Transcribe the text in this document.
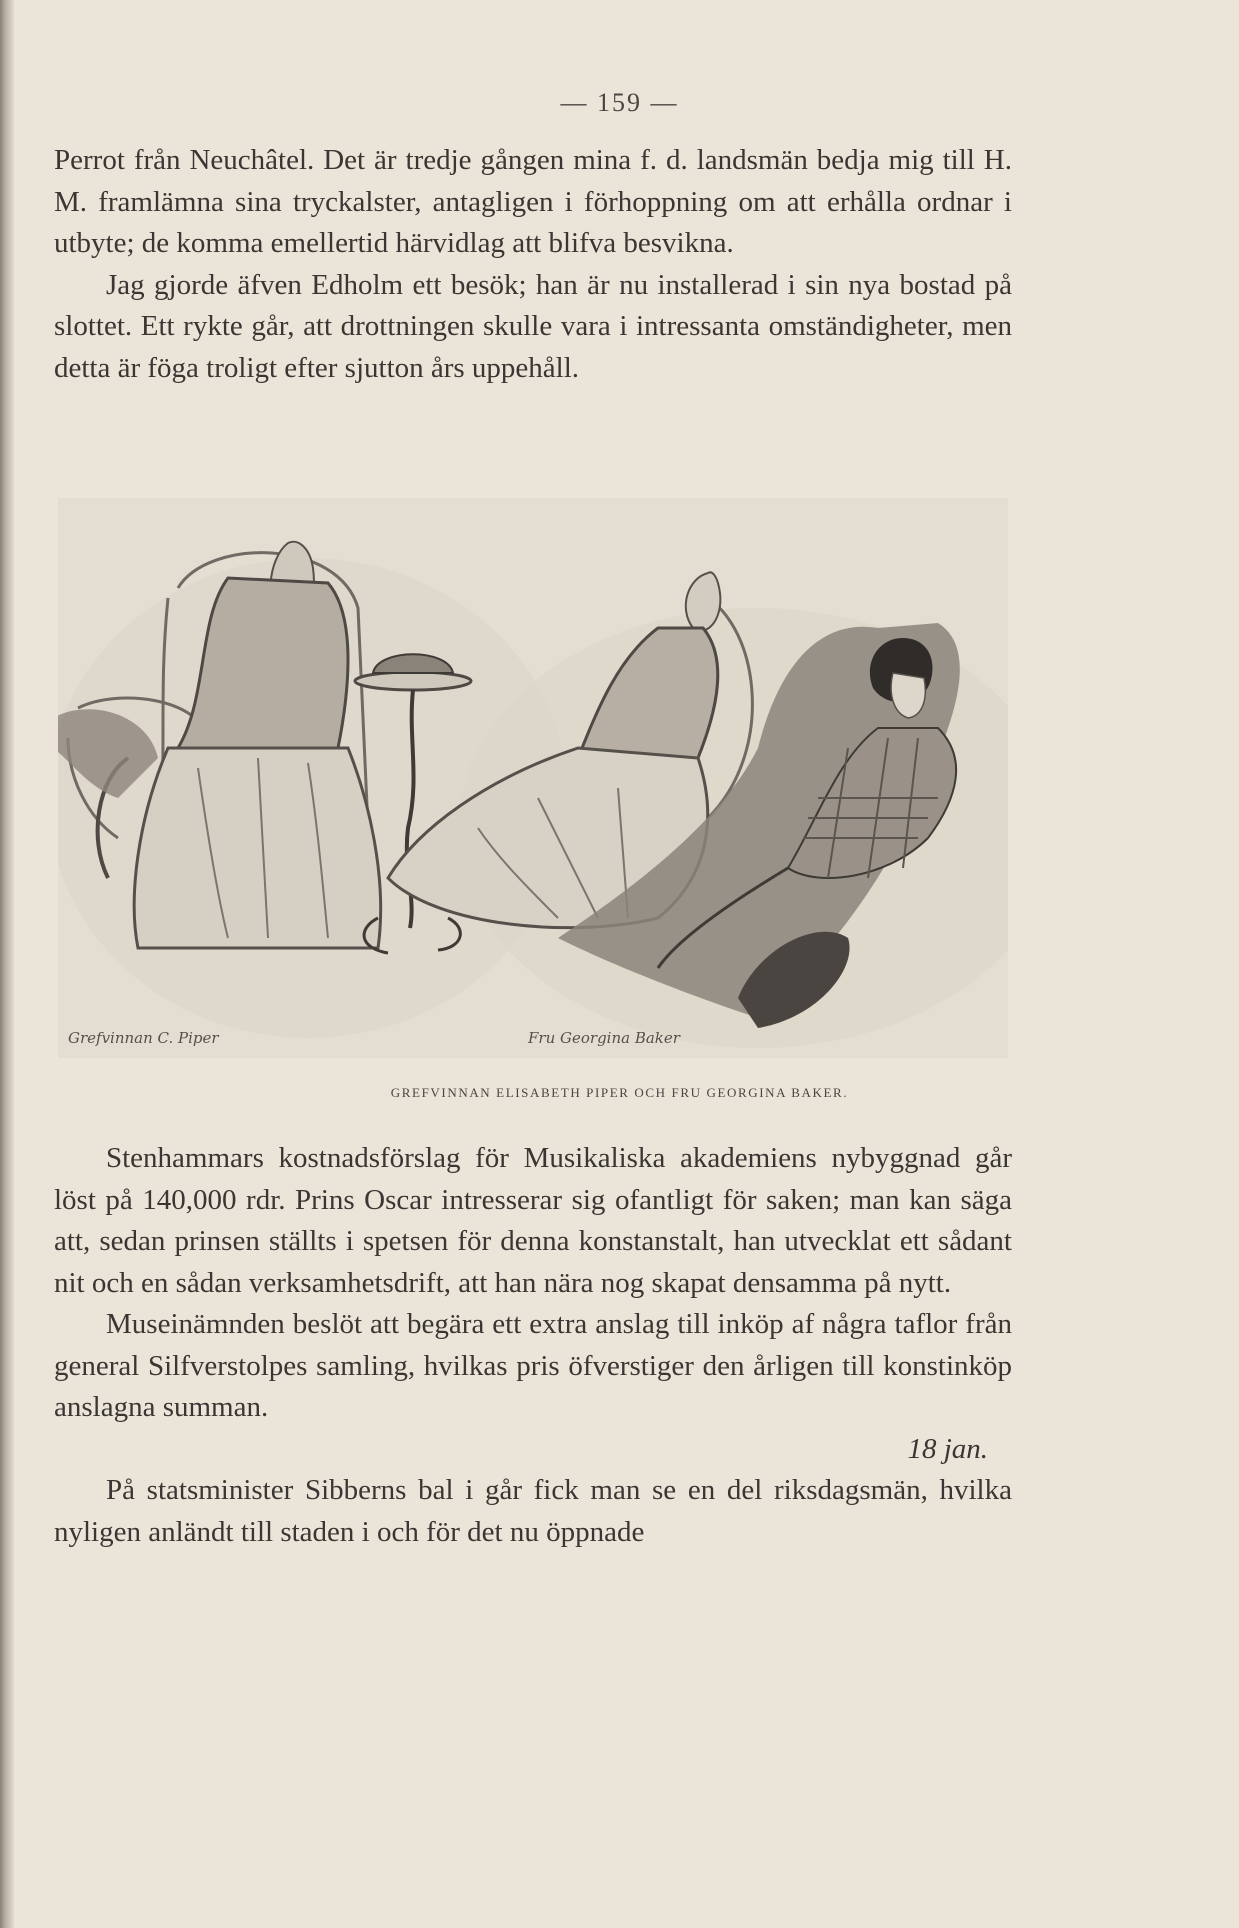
— 159 —

Perrot från Neuchâtel. Det är tredje gången mina f. d. landsmän bedja mig till H. M. framlämna sina tryckalster, antagligen i förhoppning om att erhålla ordnar i utbyte; de komma emellertid härvidlag att blifva besvikna.

Jag gjorde äfven Edholm ett besök; han är nu installerad i sin nya bostad på slottet. Ett rykte går, att drottningen skulle vara i intressanta omständigheter, men detta är föga troligt efter sjutton års uppehåll.

Grefvinnan C. Piper	Fru Georgina Baker
GREFVINNAN ELISABETH PIPER OCH FRU GEORGINA BAKER.

Stenhammars kostnadsförslag för Musikaliska akademiens nybyggnad går löst på 140,000 rdr. Prins Oscar intresserar sig ofantligt för saken; man kan säga att, sedan prinsen ställts i spetsen för denna konstanstalt, han utvecklat ett sådant nit och en sådan verksamhetsdrift, att han nära nog skapat densamma på nytt.

Museinämnden beslöt att begära ett extra anslag till inköp af några taflor från general Silfverstolpes samling, hvilkas pris öfverstiger den årligen till konstinköp anslagna summan.

18 jan.

På statsminister Sibberns bal i går fick man se en del riksdagsmän, hvilka nyligen anländt till staden i och för det nu öppnade
